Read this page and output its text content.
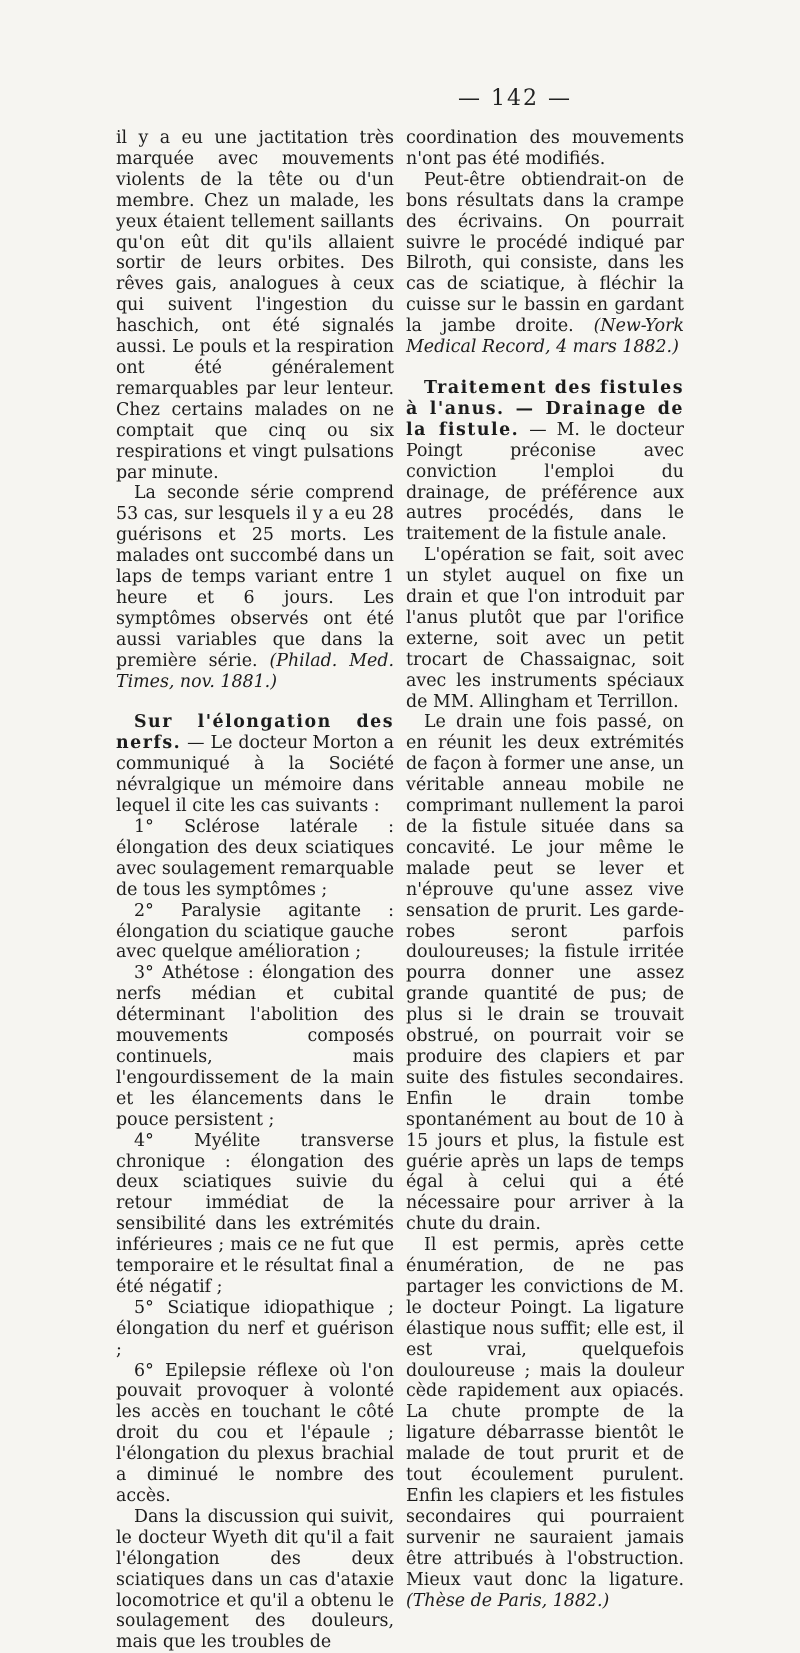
— 142 —

il y a eu une jactitation très marquée avec mouvements violents de la tête ou d'un membre. Chez un malade, les yeux étaient tellement saillants qu'on eût dit qu'ils allaient sortir de leurs orbites. Des rêves gais, analogues à ceux qui suivent l'ingestion du haschich, ont été signalés aussi. Le pouls et la respiration ont été généralement remarquables par leur lenteur. Chez certains malades on ne comptait que cinq ou six respirations et vingt pulsations par minute.

La seconde série comprend 53 cas, sur lesquels il y a eu 28 guérisons et 25 morts. Les malades ont succombé dans un laps de temps variant entre 1 heure et 6 jours. Les symptômes observés ont été aussi variables que dans la première série. (Philad. Med. Times, nov. 1881.)

Sur l'élongation des nerfs. — Le docteur Morton a communiqué à la Société névralgique un mémoire dans lequel il cite les cas suivants :

1° Sclérose latérale : élongation des deux sciatiques avec soulagement remarquable de tous les symptômes ;

2° Paralysie agitante : élongation du sciatique gauche avec quelque amélioration ;

3° Athétose : élongation des nerfs médian et cubital déterminant l'abolition des mouvements composés continuels, mais l'engourdissement de la main et les élancements dans le pouce persistent ;

4° Myélite transverse chronique : élongation des deux sciatiques suivie du retour immédiat de la sensibilité dans les extrémités inférieures ; mais ce ne fut que temporaire et le résultat final a été négatif ;

5° Sciatique idiopathique ; élongation du nerf et guérison ;

6° Epilepsie réflexe où l'on pouvait provoquer à volonté les accès en touchant le côté droit du cou et l'épaule ; l'élongation du plexus brachial a diminué le nombre des accès.

Dans la discussion qui suivit, le docteur Wyeth dit qu'il a fait l'élongation des deux sciatiques dans un cas d'ataxie locomotrice et qu'il a obtenu le soulagement des douleurs, mais que les troubles de

coordination des mouvements n'ont pas été modifiés.

Peut-être obtiendrait-on de bons résultats dans la crampe des écrivains. On pourrait suivre le procédé indiqué par Bilroth, qui consiste, dans les cas de sciatique, à fléchir la cuisse sur le bassin en gardant la jambe droite. (New-York Medical Record, 4 mars 1882.)

Traitement des fistules à l'anus. — Drainage de la fistule. — M. le docteur Poingt préconise avec conviction l'emploi du drainage, de préférence aux autres procédés, dans le traitement de la fistule anale.

L'opération se fait, soit avec un stylet auquel on fixe un drain et que l'on introduit par l'anus plutôt que par l'orifice externe, soit avec un petit trocart de Chassaignac, soit avec les instruments spéciaux de MM. Allingham et Terrillon.

Le drain une fois passé, on en réunit les deux extrémités de façon à former une anse, un véritable anneau mobile ne comprimant nullement la paroi de la fistule située dans sa concavité. Le jour même le malade peut se lever et n'éprouve qu'une assez vive sensation de prurit. Les garde-robes seront parfois douloureuses; la fistule irritée pourra donner une assez grande quantité de pus; de plus si le drain se trouvait obstrué, on pourrait voir se produire des clapiers et par suite des fistules secondaires. Enfin le drain tombe spontanément au bout de 10 à 15 jours et plus, la fistule est guérie après un laps de temps égal à celui qui a été nécessaire pour arriver à la chute du drain.

Il est permis, après cette énumération, de ne pas partager les convictions de M. le docteur Poingt. La ligature élastique nous suffit; elle est, il est vrai, quelquefois douloureuse ; mais la douleur cède rapidement aux opiacés. La chute prompte de la ligature débarrasse bientôt le malade de tout prurit et de tout écoulement purulent. Enfin les clapiers et les fistules secondaires qui pourraient survenir ne sauraient jamais être attribués à l'obstruction. Mieux vaut donc la ligature. (Thèse de Paris, 1882.)
